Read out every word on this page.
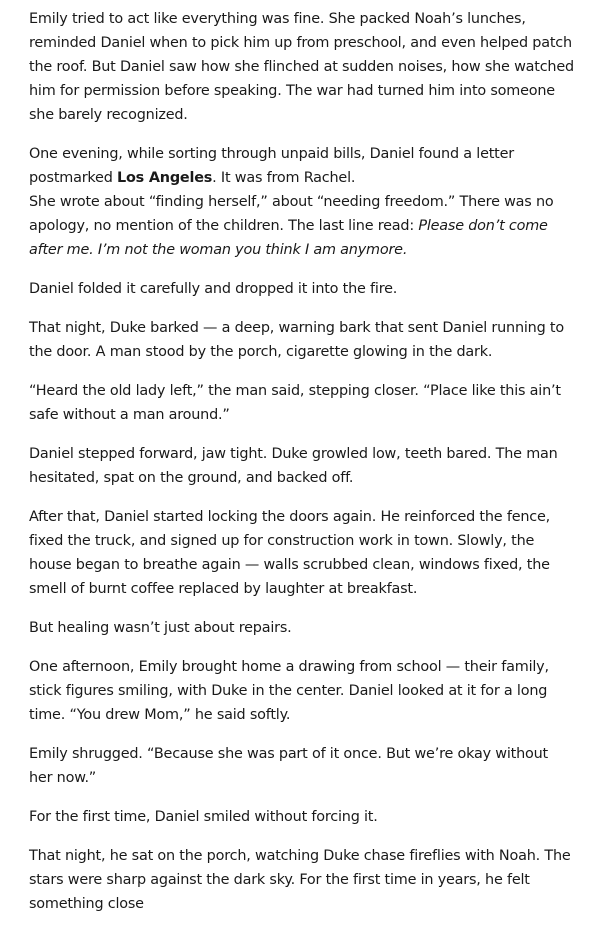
Emily tried to act like everything was fine. She packed Noah’s lunches, reminded Daniel when to pick him up from preschool, and even helped patch the roof. But Daniel saw how she flinched at sudden noises, how she watched him for permission before speaking. The war had turned him into someone she barely recognized.

One evening, while sorting through unpaid bills, Daniel found a letter postmarked Los Angeles. It was from Rachel.

She wrote about “finding herself,” about “needing freedom.” There was no apology, no mention of the children. The last line read: Please don’t come after me. I’m not the woman you think I am anymore.

Daniel folded it carefully and dropped it into the fire.

That night, Duke barked — a deep, warning bark that sent Daniel running to the door. A man stood by the porch, cigarette glowing in the dark.

“Heard the old lady left,” the man said, stepping closer. “Place like this ain’t safe without a man around.”

Daniel stepped forward, jaw tight. Duke growled low, teeth bared. The man hesitated, spat on the ground, and backed off.

After that, Daniel started locking the doors again. He reinforced the fence, fixed the truck, and signed up for construction work in town. Slowly, the house began to breathe again — walls scrubbed clean, windows fixed, the smell of burnt coffee replaced by laughter at breakfast.

But healing wasn’t just about repairs.

One afternoon, Emily brought home a drawing from school — their family, stick figures smiling, with Duke in the center. Daniel looked at it for a long time. “You drew Mom,” he said softly.

Emily shrugged. “Because she was part of it once. But we’re okay without her now.”

For the first time, Daniel smiled without forcing it.

That night, he sat on the porch, watching Duke chase fireflies with Noah. The stars were sharp against the dark sky. For the first time in years, he felt something close
